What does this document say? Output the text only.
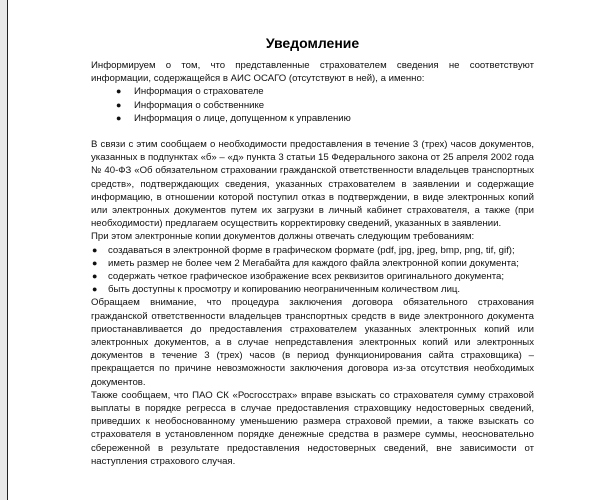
Уведомление

Информируем о том, что представленные страхователем сведения не соответствуют информации, содержащейся в АИС ОСАГО (отсутствуют в ней), а именно:

● Информация о страхователе
● Информация о собственнике
● Информация о лице, допущенном к управлению

В связи с этим сообщаем о необходимости предоставления в течение 3 (трех) часов документов, указанных в подпунктах «б» – «д» пункта 3 статьи 15 Федерального закона от 25 апреля 2002 года № 40-ФЗ «Об обязательном страховании гражданской ответственности владельцев транспортных средств», подтверждающих сведения, указанных страхователем в заявлении и содержащие информацию, в отношении которой поступил отказ в подтверждении, в виде электронных копий или электронных документов путем их загрузки в личный кабинет страхователя, а также (при необходимости) предлагаем осуществить корректировку сведений, указанных в заявлении.

При этом электронные копии документов должны отвечать следующим требованиям:

● создаваться в электронной форме в графическом формате (pdf, jpg, jpeg, bmp, png, tif, gif);
● иметь размер не более чем 2 Мегабайта для каждого файла электронной копии документа;
● содержать четкое графическое изображение всех реквизитов оригинального документа;
● быть доступны к просмотру и копированию неограниченным количеством лиц.

Обращаем внимание, что процедура заключения договора обязательного страхования гражданской ответственности владельцев транспортных средств в виде электронного документа приостанавливается до предоставления страхователем указанных электронных копий или электронных документов, а в случае непредставления электронных копий или электронных документов в течение 3 (трех) часов (в период функционирования сайта страховщика) – прекращается по причине невозможности заключения договора из-за отсутствия необходимых документов.

Также сообщаем, что ПАО СК «Росгосстрах» вправе взыскать со страхователя сумму страховой выплаты в порядке регресса в случае предоставления страховщику недостоверных сведений, приведших к необоснованному уменьшению размера страховой премии, а также взыскать со страхователя в установленном порядке денежные средства в размере суммы, неосновательно сбереженной в результате предоставления недостоверных сведений, вне зависимости от наступления страхового случая.
